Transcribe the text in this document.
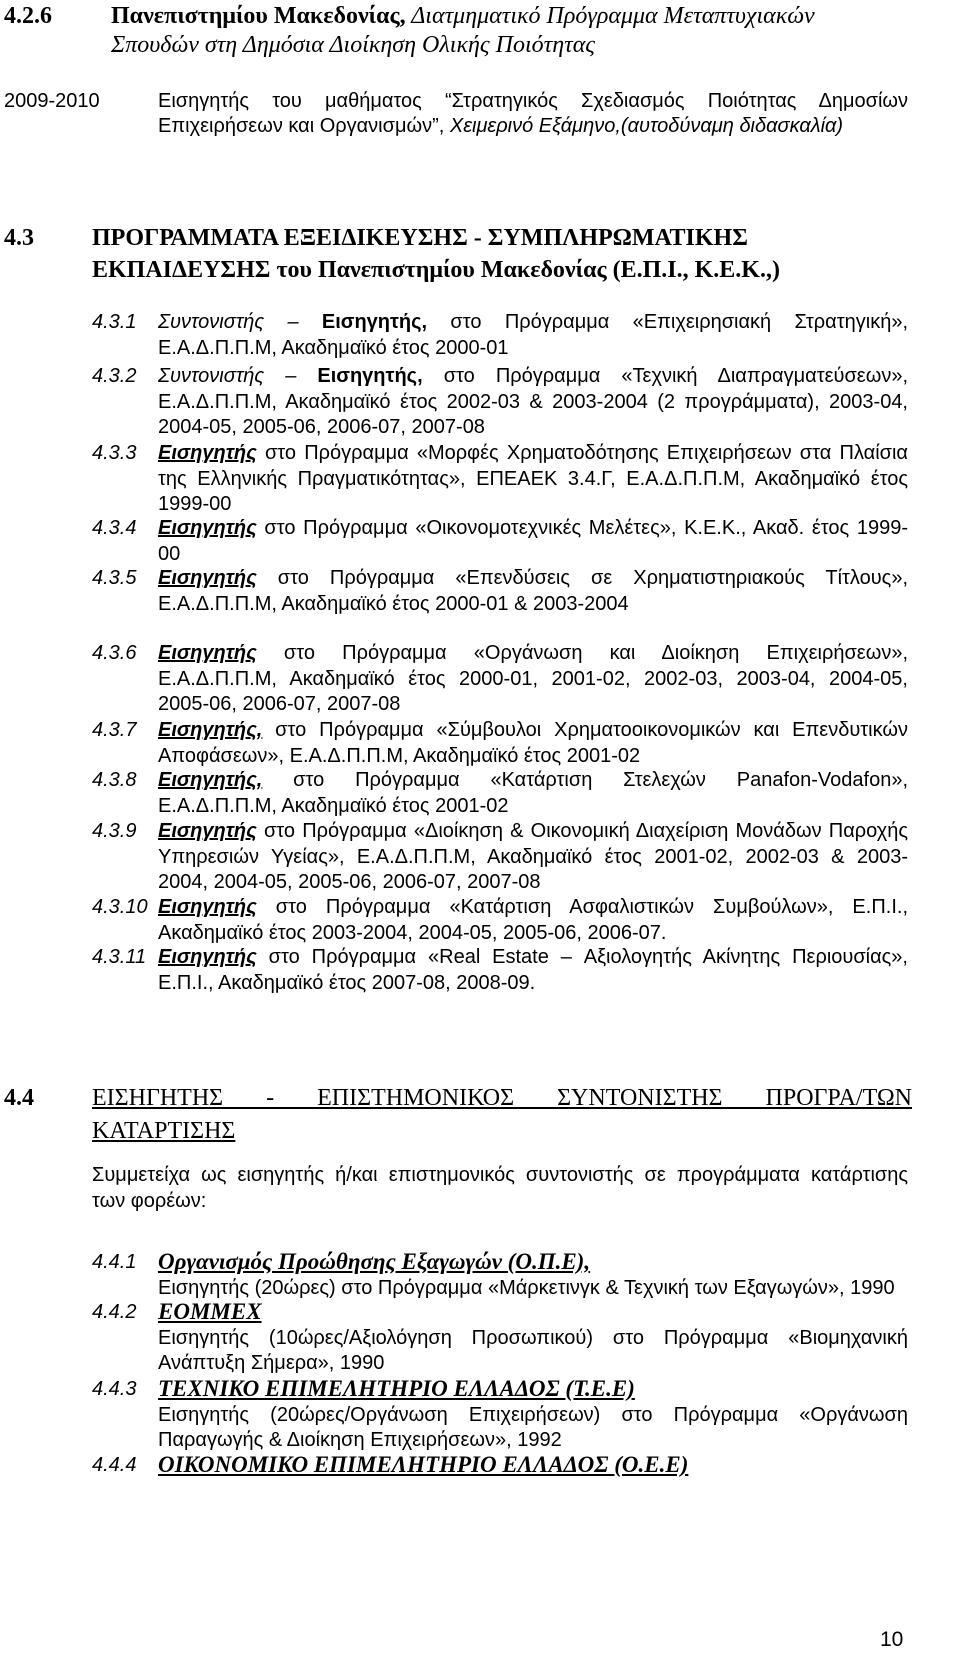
4.2.6 Πανεπιστημίου Μακεδονίας, Διατμηματικό Πρόγραμμα Μεταπτυχιακών
Σπουδών στη Δημόσια Διοίκηση Ολικής Ποιότητας
2009-2010	Εισηγητής του μαθήματος “Στρατηγικός Σχεδιασμός Ποιότητας Δημοσίων
Επιχειρήσεων και Οργανισμών”, Χειμερινό Εξάμηνο,(αυτοδύναμη διδασκαλία)
4.3 ΠΡΟΓΡΑΜΜΑΤΑ ΕΞΕΙΔΙΚΕΥΣΗΣ - ΣΥΜΠΛΗΡΩΜΑΤΙΚΗΣ
ΕΚΠΑΙΔΕΥΣΗΣ του Πανεπιστημίου Μακεδονίας (Ε.Π.Ι., Κ.Ε.Κ.,)
4.3.1 Συντονιστής – Εισηγητής, στο Πρόγραμμα «Επιχειρησιακή Στρατηγική»,
Ε.Α.Δ.Π.Π.Μ, Ακαδημαϊκό έτος 2000-01
4.3.2 Συντονιστής – Εισηγητής, στο Πρόγραμμα «Τεχνική Διαπραγματεύσεων»,
Ε.Α.Δ.Π.Π.Μ, Ακαδημαϊκό έτος 2002-03 & 2003-2004 (2 προγράμματα), 2003-04,
2004-05, 2005-06, 2006-07, 2007-08
4.3.3 Εισηγητής στο Πρόγραμμα «Μορφές Χρηματοδότησης Επιχειρήσεων στα Πλαίσια
της Ελληνικής Πραγματικότητας», ΕΠΕΑΕΚ 3.4.Γ, Ε.Α.Δ.Π.Π.Μ, Ακαδημαϊκό έτος
1999-00
4.3.4 Εισηγητής στο Πρόγραμμα «Οικονομοτεχνικές Μελέτες», Κ.Ε.Κ., Ακαδ. έτος 1999-
00
4.3.5 Εισηγητής στο Πρόγραμμα «Επενδύσεις σε Χρηματιστηριακούς Τίτλους»,
Ε.Α.Δ.Π.Π.Μ, Ακαδημαϊκό έτος 2000-01 & 2003-2004
4.3.6 Εισηγητής στο Πρόγραμμα «Οργάνωση και Διοίκηση Επιχειρήσεων»,
Ε.Α.Δ.Π.Π.Μ, Ακαδημαϊκό έτος 2000-01, 2001-02, 2002-03, 2003-04, 2004-05,
2005-06, 2006-07, 2007-08
4.3.7 Εισηγητής, στο Πρόγραμμα «Σύμβουλοι Χρηματοοικονομικών και Επενδυτικών
Αποφάσεων», Ε.Α.Δ.Π.Π.Μ, Ακαδημαϊκό έτος 2001-02
4.3.8 Εισηγητής, στο Πρόγραμμα «Κατάρτιση Στελεχών Panafon-Vodafon»,
Ε.Α.Δ.Π.Π.Μ, Ακαδημαϊκό έτος 2001-02
4.3.9 Εισηγητής στο Πρόγραμμα «Διοίκηση & Οικονομική Διαχείριση Μονάδων Παροχής
Υπηρεσιών Υγείας», Ε.Α.Δ.Π.Π.Μ, Ακαδημαϊκό έτος 2001-02, 2002-03 & 2003-
2004, 2004-05, 2005-06, 2006-07, 2007-08
4.3.10 Εισηγητής στο Πρόγραμμα «Κατάρτιση Ασφαλιστικών Συμβούλων», Ε.Π.Ι.,
Ακαδημαϊκό έτος 2003-2004, 2004-05, 2005-06, 2006-07.
4.3.11 Εισηγητής στο Πρόγραμμα «Real Estate – Αξιολογητής Ακίνητης Περιουσίας»,
Ε.Π.Ι., Ακαδημαϊκό έτος 2007-08, 2008-09.
4.4 ΕΙΣΗΓΗΤΗΣ - ΕΠΙΣΤΗΜΟΝΙΚΟΣ ΣΥΝΤΟΝΙΣΤΗΣ ΠΡΟΓΡΑ/ΤΩΝ
ΚΑΤΑΡΤΙΣΗΣ
Συμμετείχα ως εισηγητής ή/και επιστημονικός συντονιστής σε προγράμματα κατάρτισης
των φορέων:
4.4.1 Οργανισμός Προώθησης Εξαγωγών (Ο.Π.Ε),
Εισηγητής (20ώρες) στο Πρόγραμμα «Μάρκετινγκ & Τεχνική των Εξαγωγών», 1990
4.4.2 ΕΟΜΜΕΧ
Εισηγητής (10ώρες/Αξιολόγηση Προσωπικού) στο Πρόγραμμα «Βιομηχανική
Ανάπτυξη Σήμερα», 1990
4.4.3 ΤΕΧΝΙΚΟ ΕΠΙΜΕΛΗΤΗΡΙΟ ΕΛΛΑΔΟΣ (Τ.Ε.Ε)
Εισηγητής (20ώρες/Οργάνωση Επιχειρήσεων) στο Πρόγραμμα «Οργάνωση
Παραγωγής & Διοίκηση Επιχειρήσεων», 1992
4.4.4 ΟΙΚΟΝΟΜΙΚΟ ΕΠΙΜΕΛΗΤΗΡΙΟ ΕΛΛΑΔΟΣ (Ο.Ε.Ε)
10
